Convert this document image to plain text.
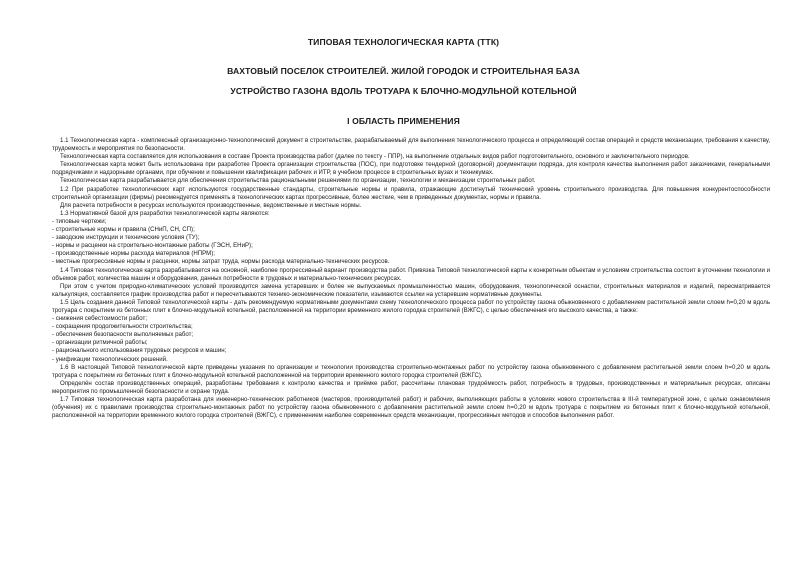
ТИПОВАЯ ТЕХНОЛОГИЧЕСКАЯ КАРТА (ТТК)
ВАХТОВЫЙ ПОСЕЛОК СТРОИТЕЛЕЙ. ЖИЛОЙ ГОРОДОК И СТРОИТЕЛЬНАЯ БАЗА
УСТРОЙСТВО ГАЗОНА ВДОЛЬ ТРОТУАРА К БЛОЧНО-МОДУЛЬНОЙ КОТЕЛЬНОЙ
I ОБЛАСТЬ ПРИМЕНЕНИЯ

1.1 Технологическая карта - комплексный организационно-технологический документ в строительстве, разрабатываемый для выполнения технологического процесса и определяющий состав операций и средств механизации, требования к качеству, трудоемкость и мероприятия по безопасности.

Технологическая карта составляется для использования в составе Проекта производства работ (далее по тексту - ППР), на выполнение отдельных видов работ подготовительного, основного и заключительного периодов.

Технологическая карта может быть использована при разработке Проекта организации строительства (ПОС), при подготовке тендерной (договорной) документации подряда, для контроля качества выполнения работ заказчиками, генеральными подрядчиками и надзорными органами, при обучении и повышении квалификации рабочих и ИТР, в учебном процессе в строительных вузах и техникумах.

Технологическая карта разрабатывается для обеспечения строительства рациональными решениями по организации, технологии и механизации строительных работ.

1.2 При разработке технологических карт используются государственные стандарты, строительные нормы и правила, отражающие достигнутый технический уровень строительного производства. Для повышения конкурентоспособности строительной организации (фирмы) рекомендуется применять в технологических картах прогрессивные, более жесткие, чем в приведенных документах, нормы и правила.

Для расчета потребности в ресурсах используются производственные, ведомственные и местные нормы.

1.3 Нормативной базой для разработки технологической карты являются:

- типовые чертежи;

- строительные нормы и правила (СНиП, СН, СП);

- заводские инструкции и технические условия (ТУ);

- нормы и расценки на строительно-монтажные работы (ГЭСН, ЕНиР);

- производственные нормы расхода материалов (НПРМ);

- местные прогрессивные нормы и расценки, нормы затрат труда, нормы расхода материально-технических ресурсов.

1.4 Типовая технологическая карта разрабатывается на основной, наиболее прогрессивный вариант производства работ. Привязка Типовой технологической карты к конкретным объектам и условиям строительства состоит в уточнении технологии и объемов работ, количества машин и оборудования, данных потребности в трудовых и материально-технических ресурсах.

При этом с учетом природно-климатических условий производится замена устаревших и более не выпускаемых промышленностью машин, оборудования, технологической оснастки, строительных материалов и изделий, пересматривается калькуляция, составляется график производства работ и пересчитываются технико-экономические показатели, изымаются ссылки на устаревшие нормативные документы.

1.5 Цель создания данной Типовой технологической карты - дать рекомендуемую нормативными документами схему технологического процесса работ по устройству газона обыкновенного с добавлением растительной земли слоем h=0,20 м вдоль тротуара с покрытием из бетонных плит к блочно-модульной котельной, расположенной на территории временного жилого городка строителей (ВЖГС), с целью обеспечения его высокого качества, а также:

- снижения себестоимости работ;

- сокращения продолжительности строительства;

- обеспечения безопасности выполняемых работ;

- организации ритмичной работы;

- рационального использования трудовых ресурсов и машин;

- унификации технологических решений.

1.6 В настоящей Типовой технологической карте приведены указания по организации и технологии производства строительно-монтажных работ по устройству газона обыкновенного с добавлением растительной земли слоем h=0,20 м вдоль тротуара с покрытием из бетонных плит к блочно-модульной котельной расположенной на территории временного жилого городка строителей (ВЖГС).

Определён состав производственных операций, разработаны требования к контролю качества и приёмке работ, рассчитаны плановая трудоёмкость работ, потребность в трудовых, производственных и материальных ресурсах, описаны мероприятия по промышленной безопасности и охране труда.

1.7 Типовая технологическая карта разработана для инженерно-технических работников (мастеров, производителей работ) и рабочих, выполняющих работы в условиях нового строительства в III-й температурной зоне, с целью ознакомления (обучения) их с правилами производства строительно-монтажных работ по устройству газона обыкновенного с добавлением растительной земли слоем h=0,20 м вдоль тротуара с покрытием из бетонных плит к блочно-модульной котельной, расположенной на территории временного жилого городка строителей (ВЖГС), с применением наиболее современных средств механизации, прогрессивных методов и способов выполнения работ.
